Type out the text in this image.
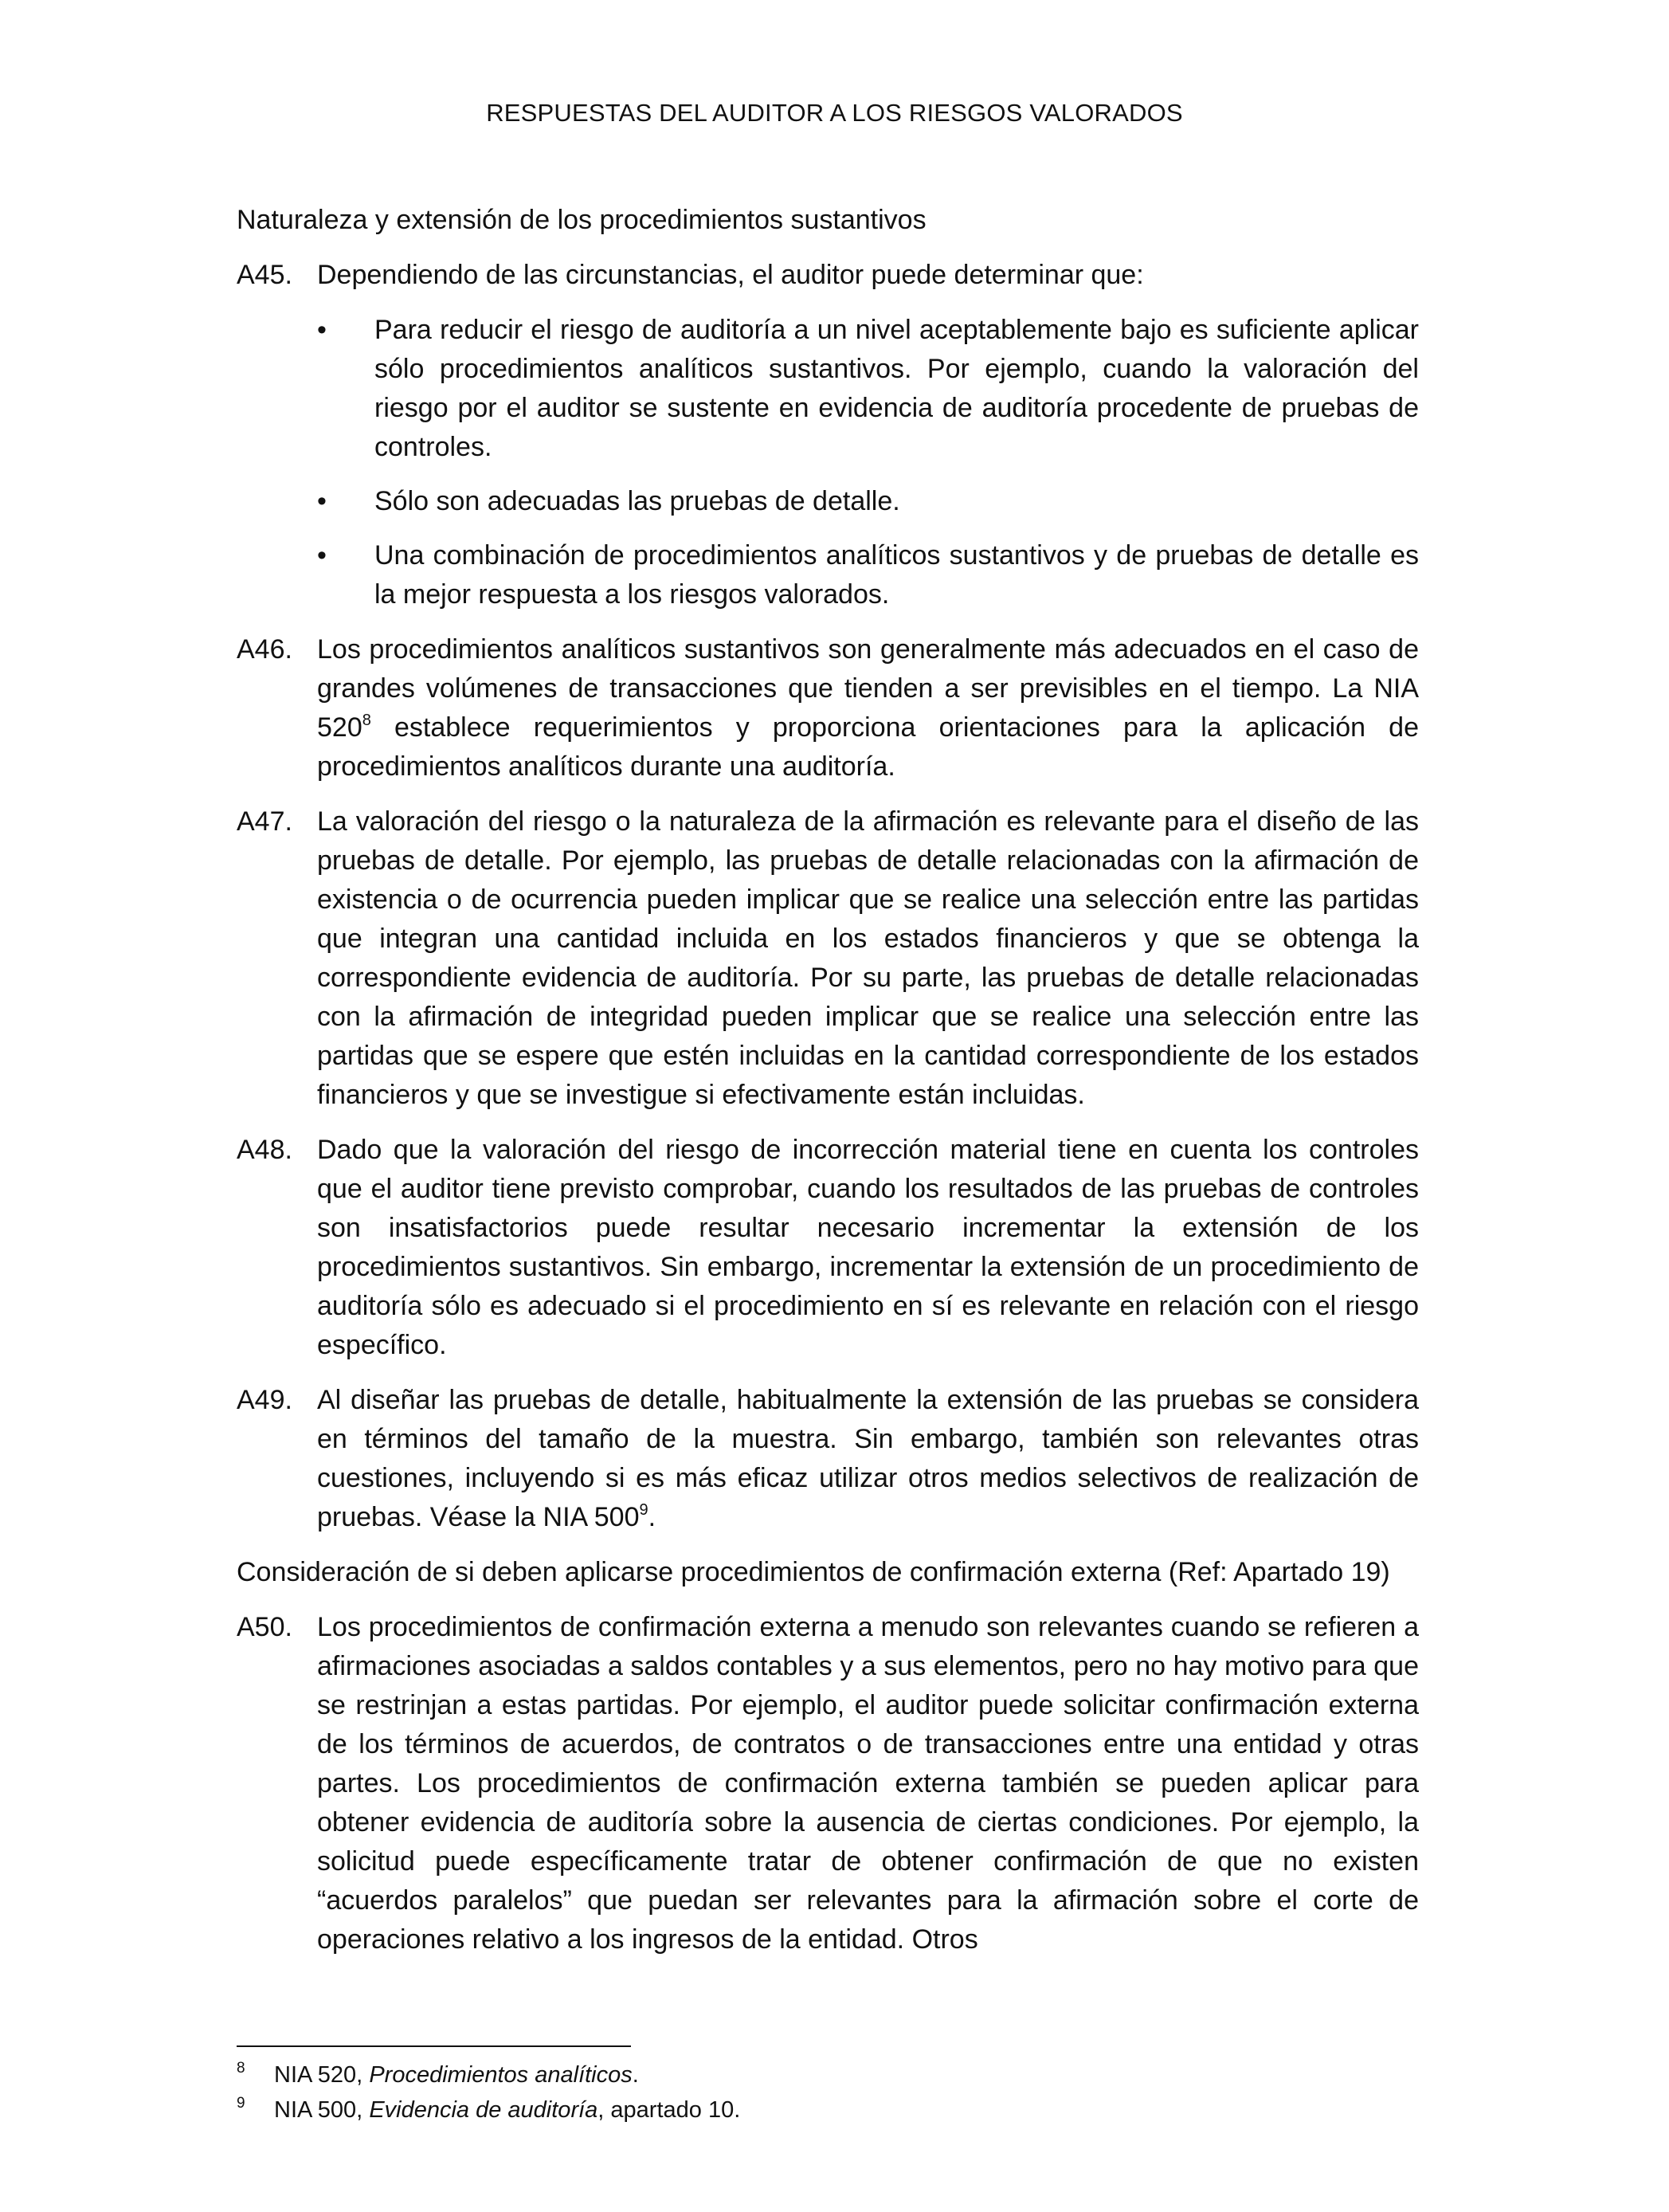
RESPUESTAS DEL AUDITOR A LOS RIESGOS VALORADOS

Naturaleza y extensión de los procedimientos sustantivos

A45. Dependiendo de las circunstancias, el auditor puede determinar que:
•	Para reducir el riesgo de auditoría a un nivel aceptablemente bajo es suficiente aplicar sólo procedimientos analíticos sustantivos. Por ejemplo, cuando la valoración del riesgo por el auditor se sustente en evidencia de auditoría procedente de pruebas de controles.
•	Sólo son adecuadas las pruebas de detalle.
•	Una combinación de procedimientos analíticos sustantivos y de pruebas de detalle es la mejor respuesta a los riesgos valorados.
A46. Los procedimientos analíticos sustantivos son generalmente más adecuados en el caso de grandes volúmenes de transacciones que tienden a ser previsibles en el tiempo. La NIA $520^8$ establece requerimientos y proporciona orientaciones para la aplicación de procedimientos analíticos durante una auditoría.
A47. La valoración del riesgo o la naturaleza de la afirmación es relevante para el diseño de las pruebas de detalle. Por ejemplo, las pruebas de detalle relacionadas con la afirmación de existencia o de ocurrencia pueden implicar que se realice una selección entre las partidas que integran una cantidad incluida en los estados financieros y que se obtenga la correspondiente evidencia de auditoría. Por su parte, las pruebas de detalle relacionadas con la afirmación de integridad pueden implicar que se realice una selección entre las partidas que se espere que estén incluidas en la cantidad correspondiente de los estados financieros y que se investigue si efectivamente están incluidas.
A48. Dado que la valoración del riesgo de incorrección material tiene en cuenta los controles que el auditor tiene previsto comprobar, cuando los resultados de las pruebas de controles son insatisfactorios puede resultar necesario incrementar la extensión de los procedimientos sustantivos. Sin embargo, incrementar la extensión de un procedimiento de auditoría sólo es adecuado si el procedimiento en sí es relevante en relación con el riesgo específico.
A49. Al diseñar las pruebas de detalle, habitualmente la extensión de las pruebas se considera en términos del tamaño de la muestra. Sin embargo, también son relevantes otras cuestiones, incluyendo si es más eficaz utilizar otros medios selectivos de realización de pruebas. Véase la NIA $500^9$.

Consideración de si deben aplicarse procedimientos de confirmación externa (Ref: Apartado 19)

A50. Los procedimientos de confirmación externa a menudo son relevantes cuando se refieren a afirmaciones asociadas a saldos contables y a sus elementos, pero no hay motivo para que se restrinjan a estas partidas. Por ejemplo, el auditor puede solicitar confirmación externa de los términos de acuerdos, de contratos o de transacciones entre una entidad y otras partes. Los procedimientos de confirmación externa también se pueden aplicar para obtener evidencia de auditoría sobre la ausencia de ciertas condiciones. Por ejemplo, la solicitud puede específicamente tratar de obtener confirmación de que no existen “acuerdos paralelos” que puedan ser relevantes para la afirmación sobre el corte de operaciones relativo a los ingresos de la entidad. Otros
8	NIA 520, Procedimientos analíticos.
9	NIA 500, Evidencia de auditoría, apartado 10.
